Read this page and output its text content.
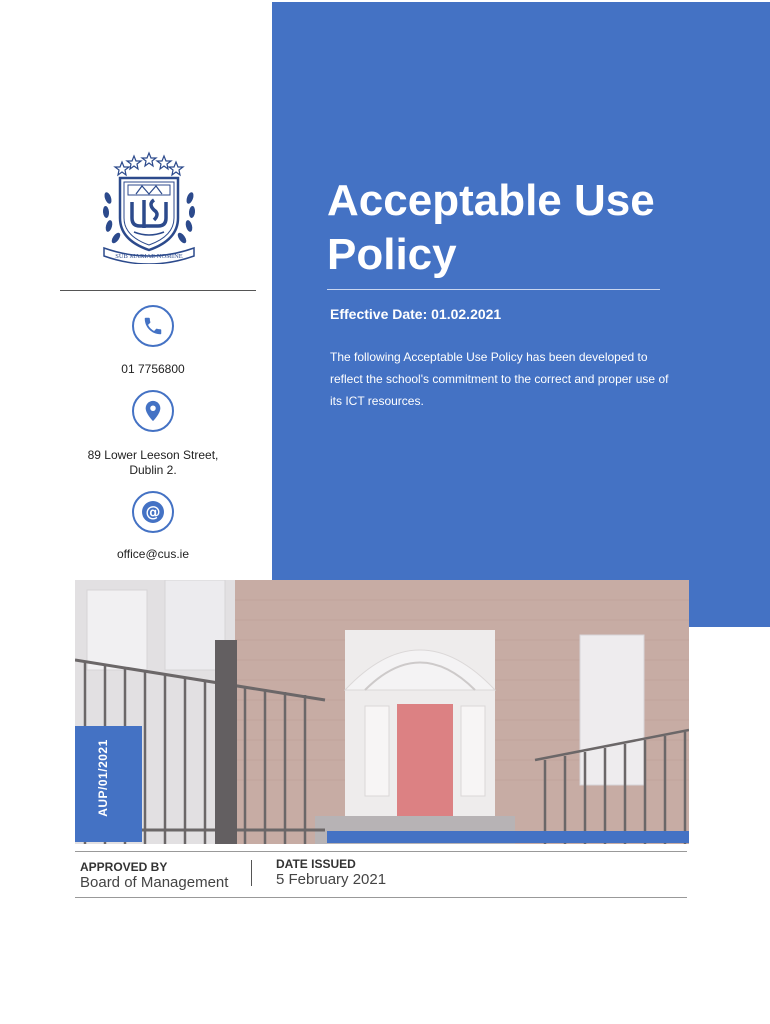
Acceptable Use Policy
Effective Date: 01.02.2021
The following Acceptable Use Policy has been developed to reflect the school's commitment to the correct and proper use of its ICT resources.
SUB MARIAE NOMINE
01 7756800
89 Lower Leeson Street,
Dublin 2.
@
office@cus.ie
AUP/01/2021
APPROVED BY
Board of Management
DATE ISSUED
5 February 2021
